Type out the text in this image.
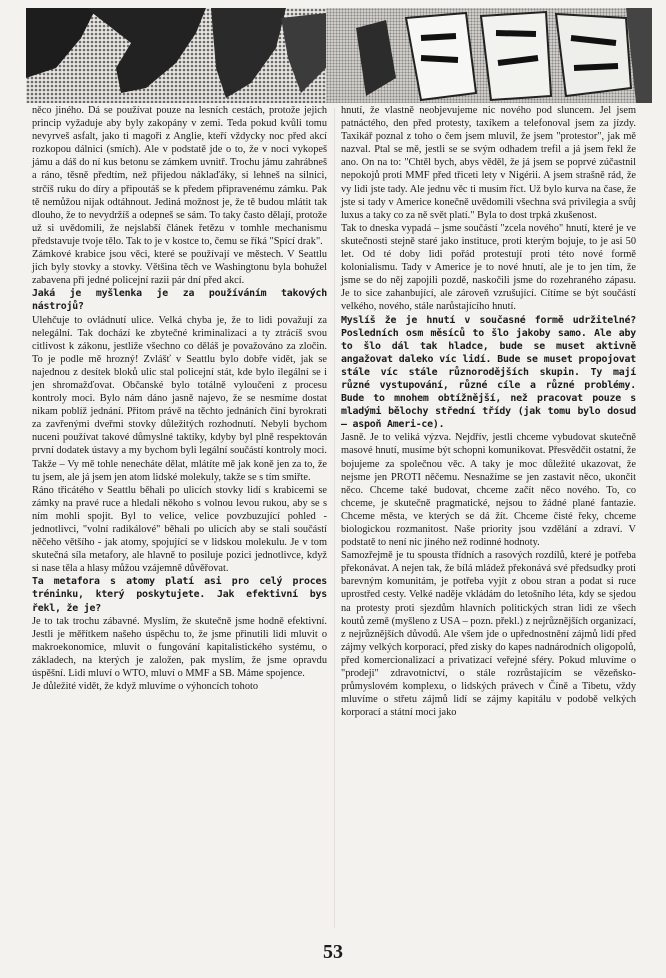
něco jiného. Dá se používat pouze na lesních cestách, protože jejich princip vyžaduje aby byly zakopány v zemi. Teda pokud kvůli tomu nevyrveš asfalt, jako ti magoři z Anglie, kteří vždycky noc před akcí rozkopou dálnici (smích). Ale v podstatě jde o to, že v noci vykopeš jámu a dáš do ní kus betonu se zámkem uvnitř. Trochu jámu zahrábneš a ráno, těsně předtím, než přijedou náklaďáky, si lehneš na silnici, strčíš ruku do díry a připoutáš se k předem připravenému zámku. Pak tě nemůžou nijak odtáhnout. Jediná možnost je, že tě budou mlátit tak dlouho, že to nevydržíš a odepneš se sám. To taky často dělají, protože už si uvědomili, že nejslabší článek řetězu v tomhle mechanismu představuje tvoje tělo. Tak to je v kostce to, čemu se říká "Spící drak".

Zámkové krabice jsou věci, které se používají ve městech. V Seattlu jich byly stovky a stovky. Většina těch ve Washingtonu byla bohužel zabavena při jedné policejní razii pár dní před akcí.

Jaká je myšlenka je za používáním takových nástrojů?

Ulehčuje to ovládnutí ulice. Velká chyba je, že to lidi považují za nelegální. Tak dochází ke zbytečné kriminalizaci a ty ztrácíš svou citlivost k zákonu, jestliže všechno co děláš je považováno za zločin. To je podle mě hrozný! Zvlášť v Seattlu bylo dobře vidět, jak se najednou z desítek bloků ulic stal policejní stát, kde bylo ilegální se i jen shromažďovat. Občanské bylo totálně vyloučeni z procesu kontroly moci. Bylo nám dáno jasně najevo, že se nesmíme dostat nikam poblíž jednání. Přitom právě na těchto jednáních činí byrokrati za zavřenými dveřmi stovky důležitých rozhodnutí. Nebyli bychom nuceni používat takové důmyslné taktiky, kdyby byl plně respektován první dodatek ústavy a my bychom byli legální součástí kontroly moci. Takže – Vy mě tohle nenecháte dělat, mlátíte mě jak koně jen za to, že tu jsem, ale já jsem jen atom lidské molekuly, takže se s tím smiřte.

Ráno třicátého v Seattlu běhali po ulicích stovky lidí s krabicemi se zámky na pravé ruce a hledali někoho s volnou levou rukou, aby se s ním mohli spojit. Byl to velice, velice povzbuzující pohled - jednotlivci, "volní radikálové" běhali po ulicích aby se stali součástí něčeho většího - jak atomy, spojující se v lidskou molekulu. Je v tom skutečná síla metafory, ale hlavně to posiluje pozici jednotlivce, když si nase těla a hlasy můžou vzájemně důvěřovat.

Ta metafora s atomy platí asi pro celý proces tréninku, který poskytujete. Jak efektivní bys řekl, že je?

Je to tak trochu zábavné. Myslím, že skutečně jsme hodně efektivní. Jestli je měřítkem našeho úspěchu to, že jsme přinutili lidi mluvit o makroekonomice, mluvit o fungování kapitalistického systému, o základech, na kterých je založen, pak myslím, že jsme opravdu úspěšní. Lidi mluví o WTO, mluví o MMF a SB. Máme spojence.

Je důležité vidět, že když mluvíme o výhoncích tohoto

hnutí, že vlastně neobjevujeme nic nového pod sluncem. Jel jsem patnáctého, den před protesty, taxíkem a telefonoval jsem za jízdy. Taxikář poznal z toho o čem jsem mluvil, že jsem "protestor", jak mě nazval. Ptal se mě, jestli se se svým odhadem trefil a já jsem řekl že ano. On na to: "Chtěl bych, abys věděl, že já jsem se poprvé zúčastnil nepokojů proti MMF před třiceti lety v Nigérii. A jsem strašně rád, že vy lidi jste tady. Ale jednu věc ti musím říct. Už bylo kurva na čase, že jste si tady v Americe konečně uvědomili všechna svá privilegia a svůj luxus a taky co za ně svět platí." Byla to dost trpká zkušenost.

Tak to dneska vypadá – jsme součástí "zcela nového" hnutí, které je ve skutečnosti stejně staré jako instituce, proti kterým bojuje, to je asi 50 let. Od té doby lidi pořád protestují proti této nové formě kolonialismu. Tady v Americe je to nové hnutí, ale je to jen tím, že jsme se do něj zapojili pozdě, naskočili jsme do rozehraného zápasu. Je to sice zahanbující, ale zároveň vzrušující. Cítíme se být součástí velkého, nového, stále narůstajícího hnutí.

Myslíš že je hnutí v současné formě udržitelné? Posledních osm měsíců to šlo jakoby samo. Ale aby to šlo dál tak hladce, bude se muset aktivně angažovat daleko víc lidí. Bude se muset propojovat stále víc stále různorodějších skupin. Ty mají různé vystupování, různé cíle a různé problémy. Bude to mnohem obtížnější, než pracovat pouze s mladými bělochy střední třídy (jak tomu bylo dosud – aspoň Ameri-ce).

Jasně. Je to veliká výzva. Nejdřív, jestli chceme vybudovat skutečně masové hnutí, musíme být schopni komunikovat. Přesvědčit ostatní, že bojujeme za společnou věc. A taky je moc důležité ukazovat, že nejsme jen PROTI něčemu. Nesnažíme se jen zastavit něco, ukončit něco. Chceme také budovat, chceme začít něco nového. To, co chceme, je skutečně pragmatické, nejsou to žádné plané fantazie. Chceme města, ve kterých se dá žít. Chceme čisté řeky, chceme biologickou rozmanitost. Naše priority jsou vzdělání a zdraví. V podstatě to není nic jiného než rodinné hodnoty.

Samozřejmě je tu spousta třídních a rasových rozdílů, které je potřeba překonávat. A nejen tak, že bílá mládež překonává své předsudky proti barevným komunitám, je potřeba vyjít z obou stran a podat si ruce uprostřed cesty. Velké naděje vkládám do letošního léta, kdy se sjedou na protesty proti sjezdům hlavních politických stran lidi ze všech koutů země (myšleno z USA – pozn. překl.) z nejrůznějších organizací, z nejrůznějších důvodů. Ale všem jde o upřednostnění zájmů lidí před zájmy velkých korporací, před zisky do kapes nadnárodních oligopolů, před komercionalizací a privatizací veřejné sféry. Pokud mluvíme o "prodeji" zdravotnictví, o stále rozrůstajícím se vězeňsko-průmyslovém komplexu, o lidských právech v Číně a Tibetu, vždy mluvíme o střetu zájmů lidí se zájmy kapitálu v podobě velkých korporací a státní moci jako

53
